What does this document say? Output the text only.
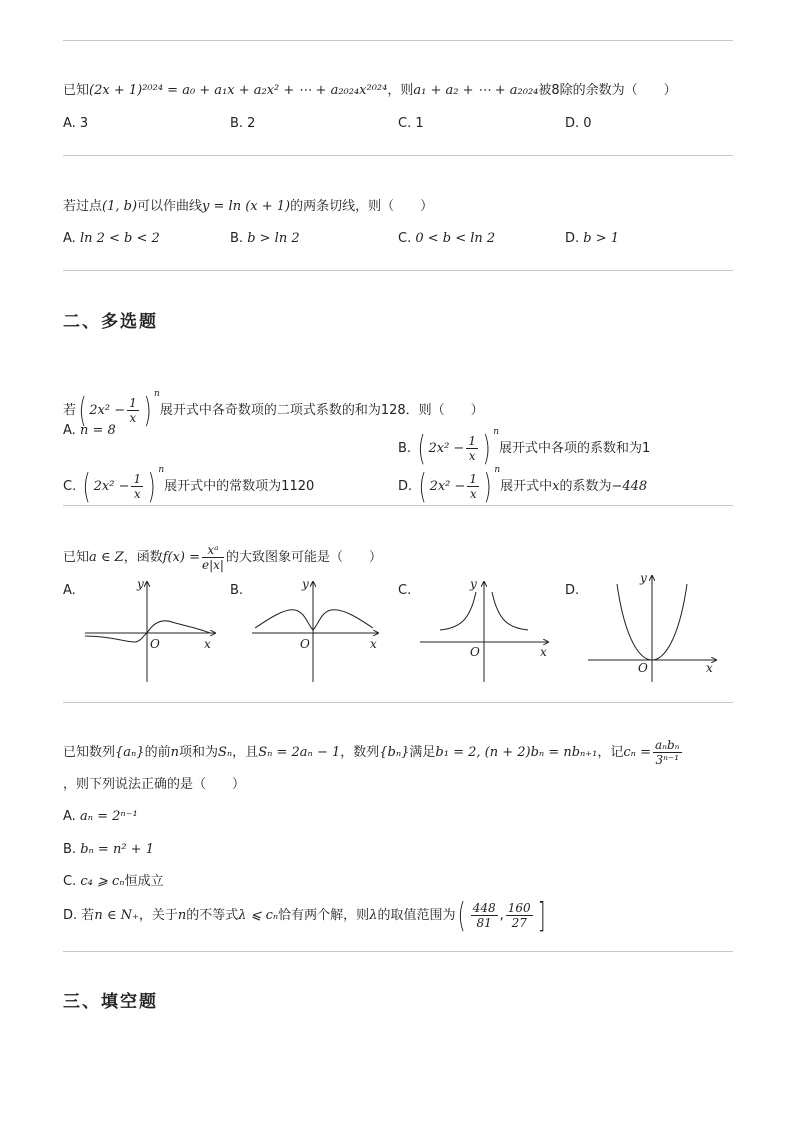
已知(2x + 1)²⁰²⁴ = a₀ + a₁x + a₂x² + ⋯ + a₂₀₂₄x²⁰²⁴，则a₁ + a₂ + ⋯ + a₂₀₂₄被8除的余数为（　　）
A. 3	B. 2	C. 1	D. 0
若过点(1, b)可以作曲线y = ln (x + 1)的两条切线，则（　　）
A. ln 2 < b < 2	B. b > ln 2	C. 0 < b < ln 2	D. b > 1
二、多选题
若( $2x^2 - \frac{1}{x}$ ) $^n$展开式中各奇数项的二项式系数的和为128．则（　　）
A. n = 8
B. ( $2x^2 - \frac{1}{x}$ ) $^n$展开式中各项的系数和为1
C. ( $2x^2 - \frac{1}{x}$ ) $^n$展开式中的常数项为1120	D. ( $2x^2 - \frac{1}{x}$ ) $^n$展开式中x的系数为−448
已知a ∈ Z，函数$f(x) = \frac{\text{xᵃ}}{e|x|}$ 的大致图象可能是（　　）
A.	B.	C.	D.
y
O	x
y
O	x
y
O	x
y
O	x
已知数列{aₙ}的前n项和为Sₙ，且Sₙ = 2aₙ − 1，数列{bₙ}满足b₁ = 2, (n + 2)bₙ = nbₙ₊₁，记$c_n = \frac{\text{aₙbₙ}}{\text{3ⁿ⁻¹}}$
，则下列说法正确的是（　　）
A. aₙ = 2ⁿ⁻¹
B. bₙ = n² + 1
C. c₄ ⩾ cₙ恒成立
D. 若n ∈ N₊，关于n的不等式λ ⩽ cₙ恰有两个解，则λ的取值范围为( $\frac{448}{81}$ , $\frac{160}{27}$ ]
三、填空题
